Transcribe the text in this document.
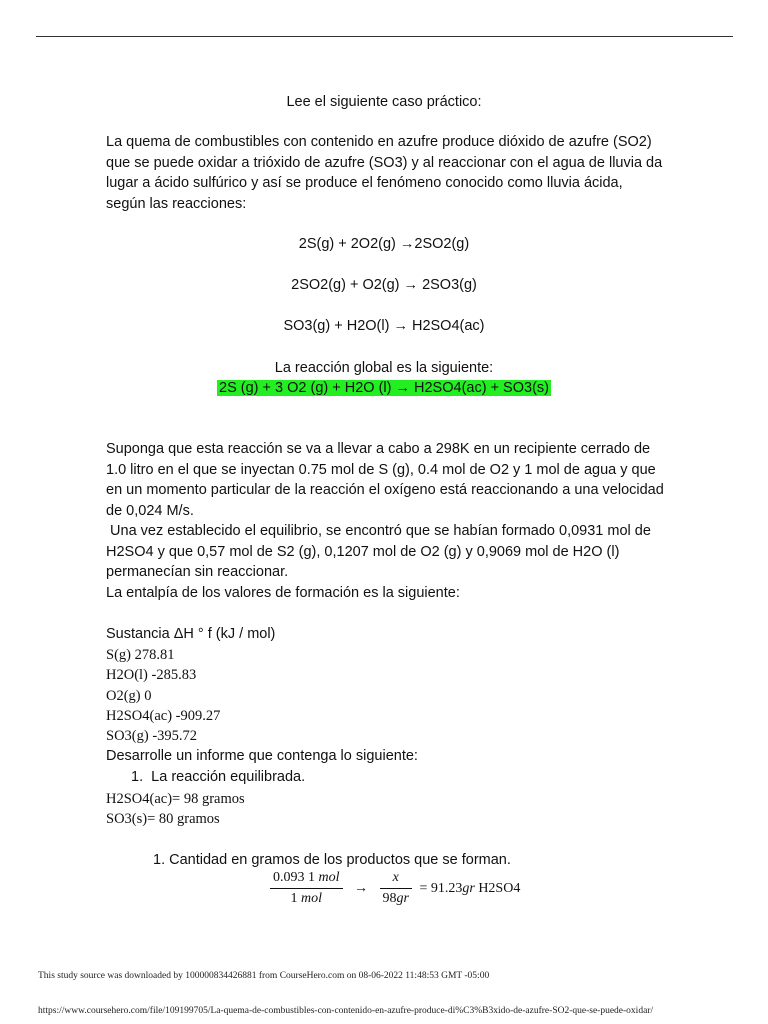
Lee el siguiente caso práctico:

La quema de combustibles con contenido en azufre produce dióxido de azufre (SO2) que se puede oxidar a trióxido de azufre (SO3) y al reaccionar con el agua de lluvia da lugar a ácido sulfúrico y así se produce el fenómeno conocido como lluvia ácida, según las reacciones:

2S(g) + 2O2(g) →2SO2(g)
2SO2(g) + O2(g) → 2SO3(g)
SO3(g) + H2O(l) → H2SO4(ac)
La reacción global es la siguiente:
2S (g) + 3 O2 (g) + H2O (l) → H2SO4(ac) + SO3(s)

Suponga que esta reacción se va a llevar a cabo a 298K en un recipiente cerrado de 1.0 litro en el que se inyectan 0.75 mol de S (g), 0.4 mol de O2 y 1 mol de agua y que en un momento particular de la reacción el oxígeno está reaccionando a una velocidad de 0,024 M/s.

Una vez establecido el equilibrio, se encontró que se habían formado 0,0931 mol de H2SO4 y que 0,57 mol de S2 (g), 0,1207 mol de O2 (g) y 0,9069 mol de H2O (l) permanecían sin reaccionar.

La entalpía de los valores de formación es la siguiente:

Sustancia ΔH ° f (kJ / mol)

S(g) 278.81

H2O(l) -285.83

O2(g) 0

H2SO4(ac) -909.27

SO3(g) -395.72

Desarrolle un informe que contenga lo siguiente:
1. La reacción equilibrada.

H2SO4(ac)= 98 gramos

SO3(s)= 80 gramos

1. Cantidad en gramos de los productos que se forman.
$\frac{\text{0.093 1 mol}}{\text{1 mol}} \to \frac{x}{98gr} = 91.23gr$ H2SO4
This study source was downloaded by 100000834426881 from CourseHero.com on 08-06-2022 11:48:53 GMT -05:00
https://www.coursehero.com/file/109199705/La-quema-de-combustibles-con-contenido-en-azufre-produce-di%C3%B3xido-de-azufre-SO2-que-se-puede-oxidar/
